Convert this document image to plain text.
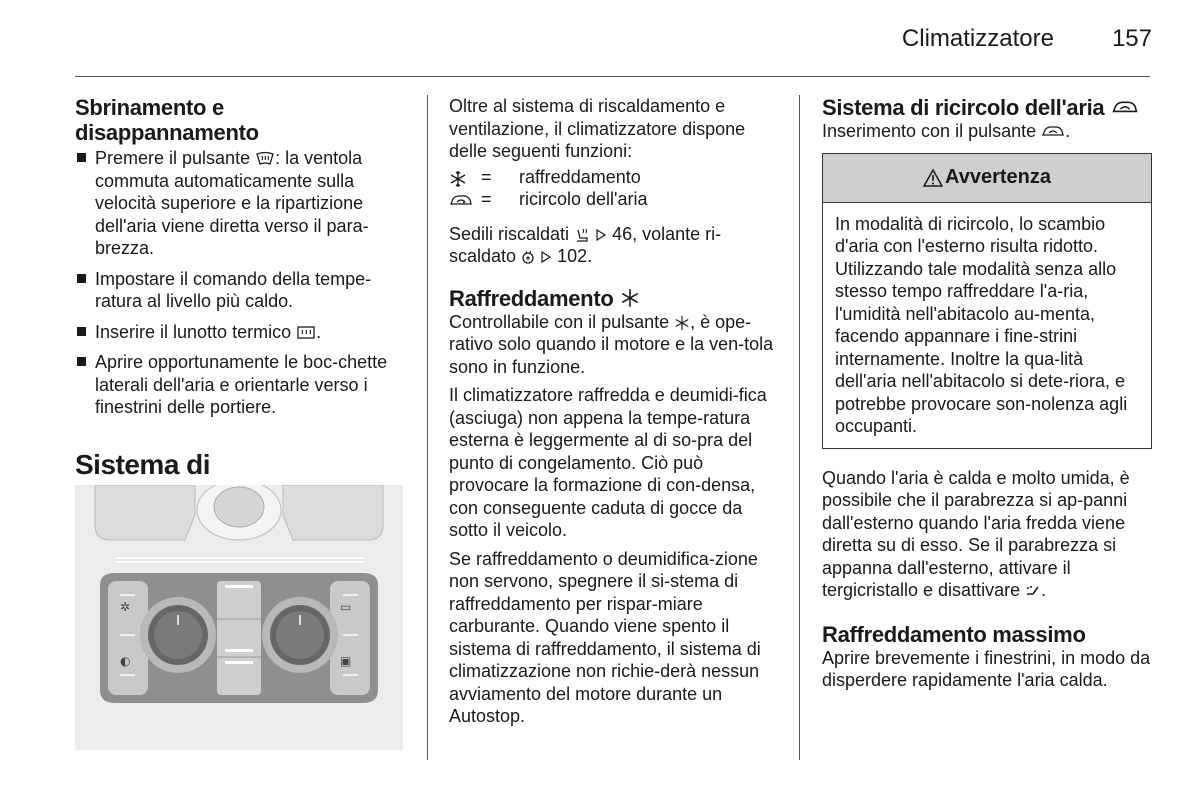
Climatizzatore 157
Sbrinamento e disappannamento
Premere il pulsante
: la ventola commuta automaticamente sulla velocità superiore e la ripartizione dell'aria viene diretta verso il para-brezza.
Impostare il comando della tempe-ratura al livello più caldo.
Inserire il lunotto termico
.
Aprire opportunamente le boc-chette laterali dell'aria e orientarle verso i finestrini delle portiere.
Sistema di
✲	▭
▣
◐

Oltre al sistema di riscaldamento e ventilazione, il climatizzatore dispone delle seguenti funzioni:

=	raffreddamento
=	ricircolo dell'aria

Sedili riscaldati

46, volante ri-scaldato

102.

Raffreddamento

Controllabile con il pulsante
, è ope-rativo solo quando il motore e la ven-tola sono in funzione.

Il climatizzatore raffredda e deumidi-fica (asciuga) non appena la tempe-ratura esterna è leggermente al di so-pra del punto di congelamento. Ciò può provocare la formazione di con-densa, con conseguente caduta di gocce da sotto il veicolo.

Se raffreddamento o deumidifica-zione non servono, spegnere il si-stema di raffreddamento per rispar-miare carburante. Quando viene spento il sistema di raffreddamento, il sistema di climatizzazione non richie-derà nessun avviamento del motore durante un Autostop.

Sistema di ricircolo dell'aria

Inserimento con il pulsante
.

Avvertenza
In modalità di ricircolo, lo scambio d'aria con l'esterno risulta ridotto. Utilizzando tale modalità senza allo stesso tempo raffreddare l'a-ria, l'umidità nell'abitacolo au-menta, facendo appannare i fine-strini internamente. Inoltre la qua-lità dell'aria nell'abitacolo si dete-riora, e potrebbe provocare son-nolenza agli occupanti.

Quando l'aria è calda e molto umida, è possibile che il parabrezza si ap-panni dall'esterno quando l'aria fredda viene diretta su di esso. Se il parabrezza si appanna dall'esterno, attivare il tergicristallo e disattivare
.

Raffreddamento massimo

Aprire brevemente i finestrini, in modo da disperdere rapidamente l'aria calda.
